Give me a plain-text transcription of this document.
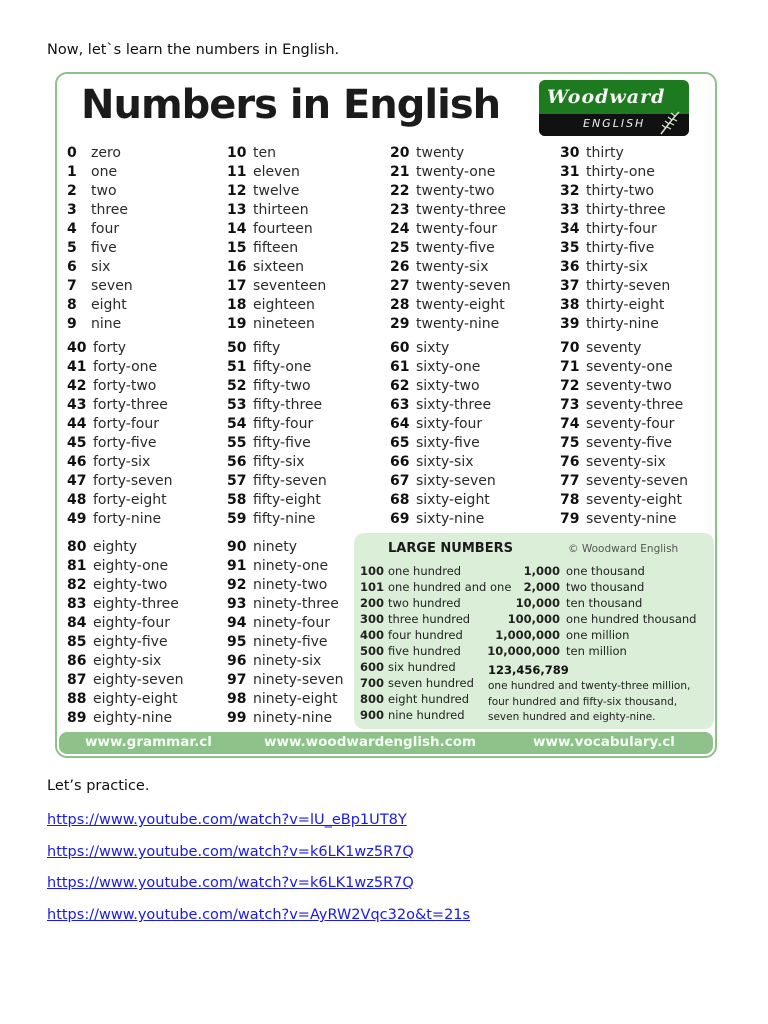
Now, let`s learn the numbers in English.
Numbers in English Woodward
ENGLISH
0 zero
1 one
2 two
3 three
4 four
5 five
6 six
7 seven
8 eight
9 nine
10 ten
11 eleven
12 twelve
13 thirteen
14 fourteen
15 fifteen
16 sixteen
17 seventeen
18 eighteen
19 nineteen
20 twenty
21 twenty-one
22 twenty-two
23 twenty-three
24 twenty-four
25 twenty-five
26 twenty-six
27 twenty-seven
28 twenty-eight
29 twenty-nine
30 thirty
31 thirty-one
32 thirty-two
33 thirty-three
34 thirty-four
35 thirty-five
36 thirty-six
37 thirty-seven
38 thirty-eight
39 thirty-nine
40 forty
41 forty-one
42 forty-two
43 forty-three
44 forty-four
45 forty-five
46 forty-six
47 forty-seven
48 forty-eight
49 forty-nine
50 fifty
51 fifty-one
52 fifty-two
53 fifty-three
54 fifty-four
55 fifty-five
56 fifty-six
57 fifty-seven
58 fifty-eight
59 fifty-nine
60 sixty
61 sixty-one
62 sixty-two
63 sixty-three
64 sixty-four
65 sixty-five
66 sixty-six
67 sixty-seven
68 sixty-eight
69 sixty-nine
70 seventy
71 seventy-one
72 seventy-two
73 seventy-three
74 seventy-four
75 seventy-five
76 seventy-six
77 seventy-seven
78 seventy-eight
79 seventy-nine
80 eighty
81 eighty-one
82 eighty-two
83 eighty-three
84 eighty-four
85 eighty-five
86 eighty-six
87 eighty-seven
88 eighty-eight
89 eighty-nine
90 ninety
91 ninety-one
92 ninety-two
93 ninety-three
94 ninety-four
95 ninety-five
96 ninety-six
97 ninety-seven
98 ninety-eight
99 ninety-nine
LARGE NUMBERS	© Woodward English
100 one hundred
101 one hundred and one
200 two hundred
300 three hundred
400 four hundred
500 five hundred
600 six hundred
700 seven hundred
800 eight hundred
900 nine hundred
1,000 one thousand
2,000 two thousand
10,000 ten thousand
100,000 one hundred thousand
1,000,000 one million
10,000,000 ten million
123,456,789
one hundred and twenty-three million,
four hundred and fifty-six thousand,
seven hundred and eighty-nine.
www.grammar.cl	www.woodwardenglish.com	www.vocabulary.cl
Let’s practice.
https://www.youtube.com/watch?v=lU_eBp1UT8Y
https://www.youtube.com/watch?v=k6LK1wz5R7Q
https://www.youtube.com/watch?v=k6LK1wz5R7Q
https://www.youtube.com/watch?v=AyRW2Vqc32o&t=21s
